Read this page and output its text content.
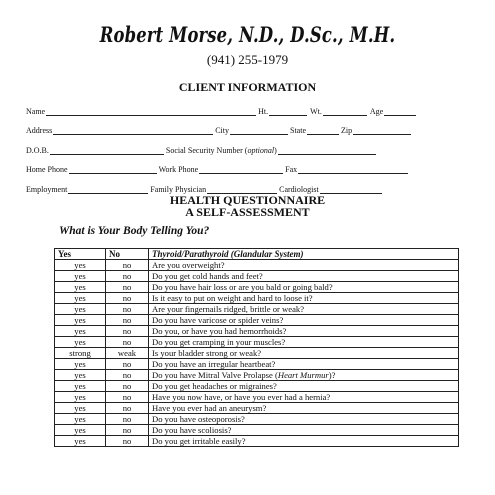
Robert Morse, N.D., D.Sc., M.H.
(941) 255-1979
CLIENT INFORMATION
Name	Ht.	Wt.	Age
Address	City	State	Zip
D.O.B.	Social Security Number (optional)
Home Phone	Work Phone	Fax
Employment	Family Physician	Cardiologist
HEALTH QUESTIONNAIRE
A SELF-ASSESSMENT
What is Your Body Telling You?
Yes	No	Thyroid/Parathyroid (Glandular System)
yes	no	Are you overweight?
yes	no	Do you get cold hands and feet?
yes	no	Do you have hair loss or are you bald or going bald?
yes	no	Is it easy to put on weight and hard to loose it?
yes	no	Are your fingernails ridged, brittle or weak?
yes	no	Do you have varicose or spider veins?
yes	no	Do you, or have you had hemorrhoids?
yes	no	Do you get cramping in your muscles?
strong	weak	Is your bladder strong or weak?
yes	no	Do you have an irregular heartbeat?
yes	no	Do you have Mitral Valve Prolapse (Heart Murmur)?
yes	no	Do you get headaches or migraines?
yes	no	Have you now have, or have you ever had a hernia?
yes	no	Have you ever had an aneurysm?
yes	no	Do you have osteoporosis?
yes	no	Do you have scoliosis?
yes	no	Do you get irritable easily?
